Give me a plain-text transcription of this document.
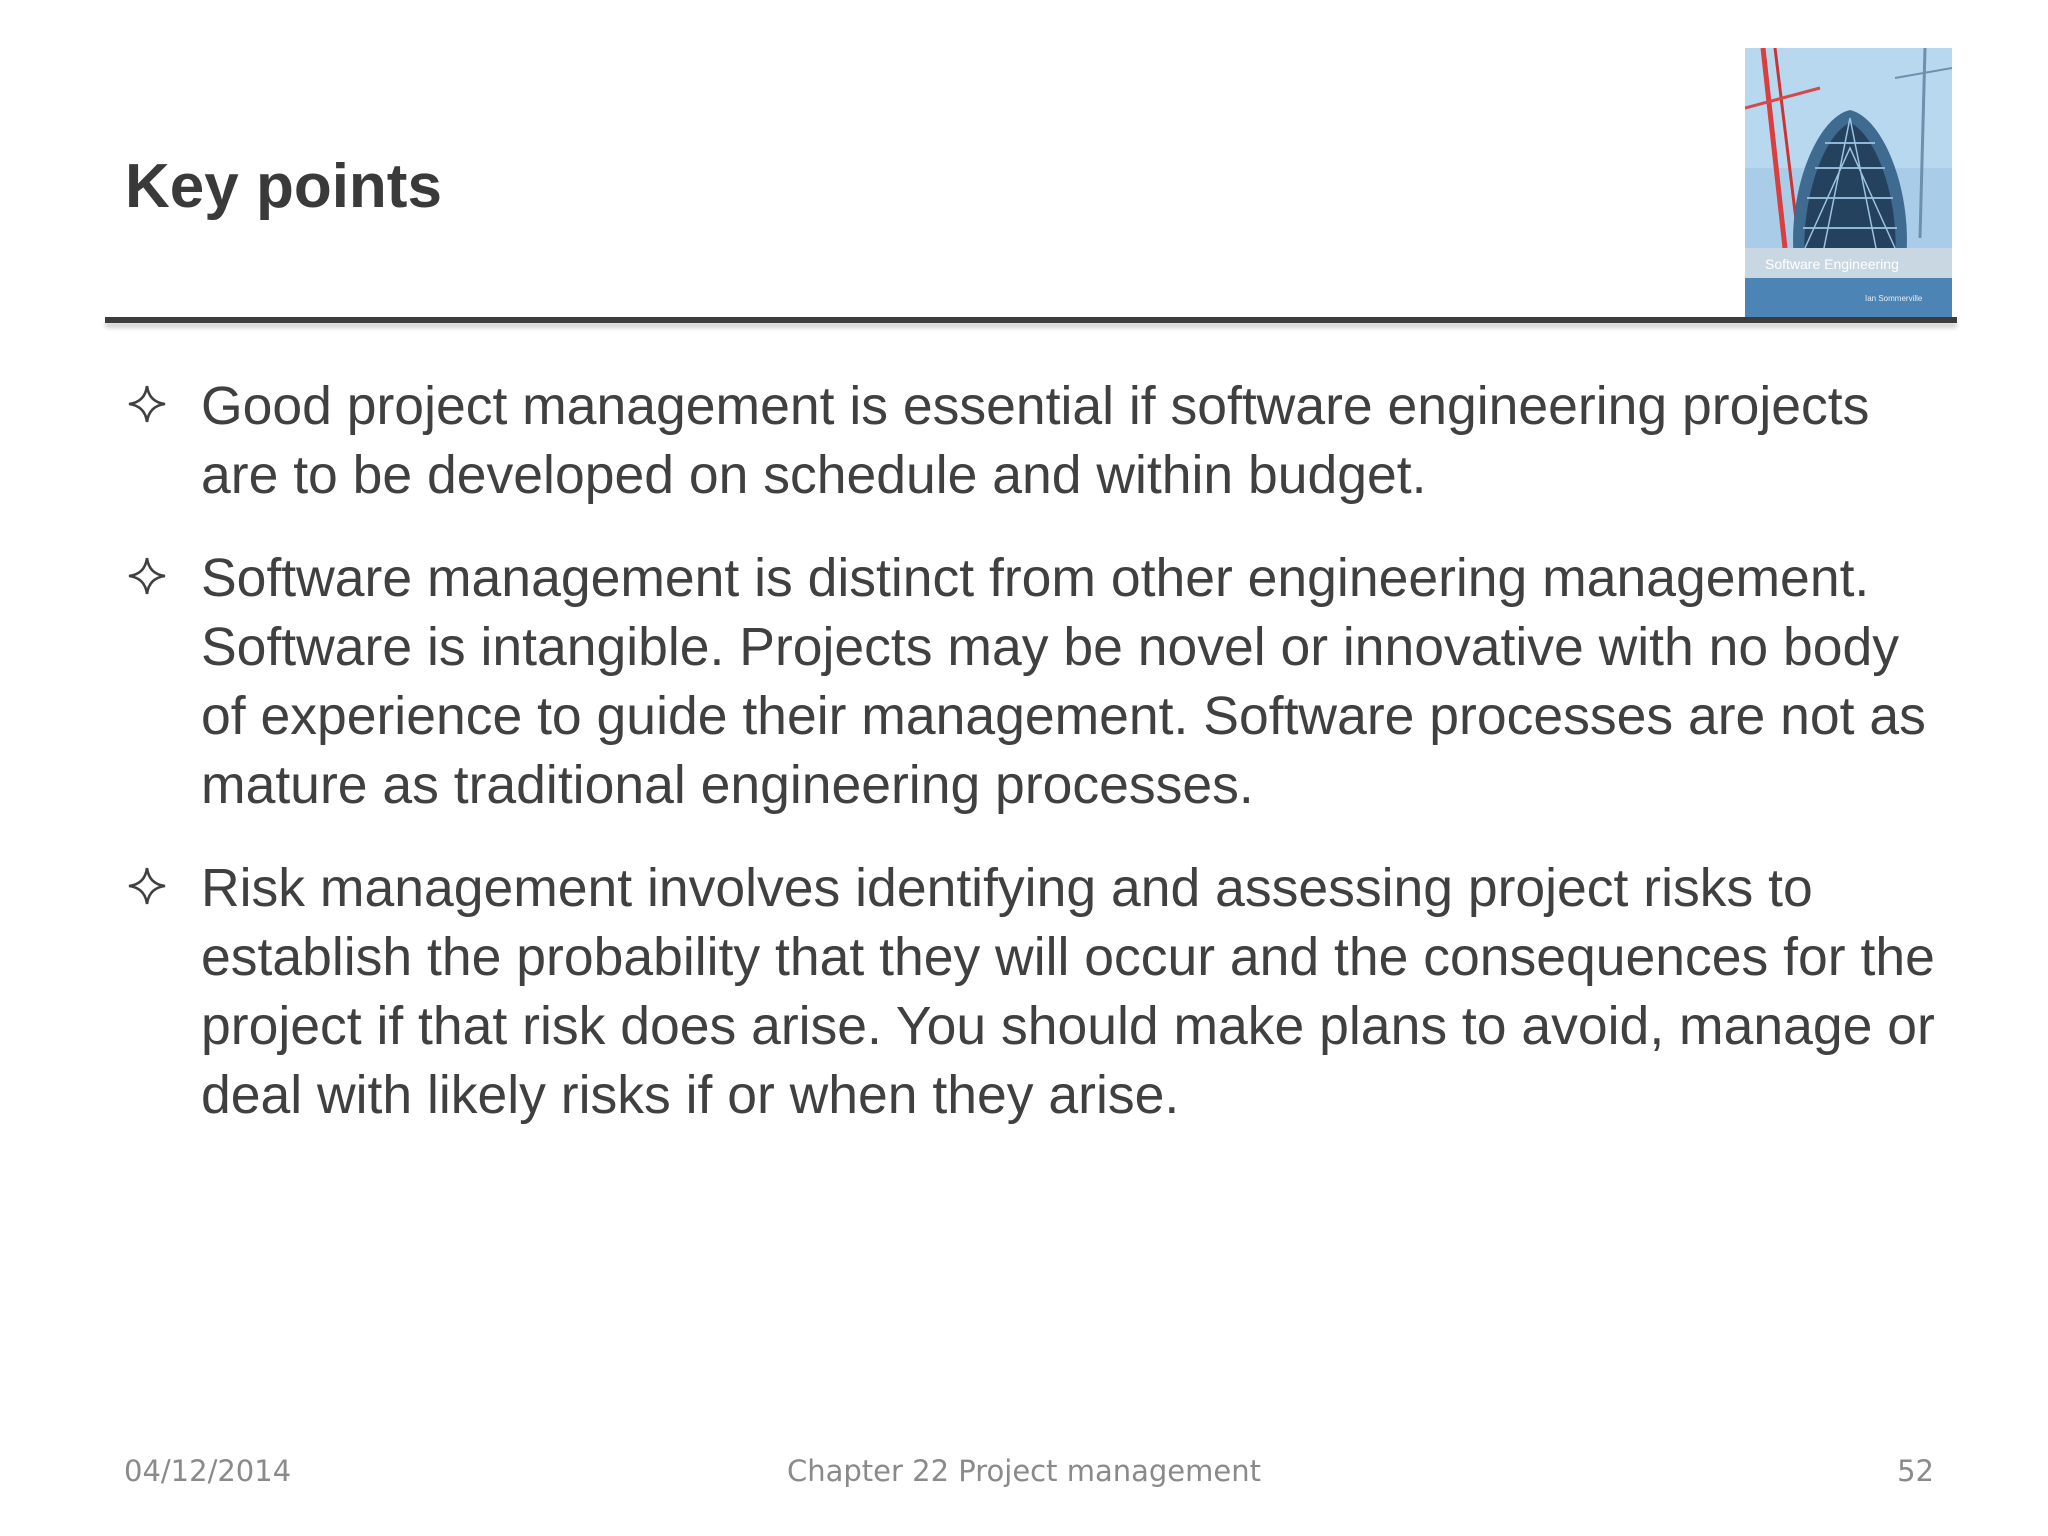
Key points
Software Engineering
Ian Sommerville
Good project management is essential if software engineering projects are to be developed on schedule and within budget.
Software management is distinct from other engineering management. Software is intangible. Projects may be novel or innovative with no body of experience to guide their management. Software processes are not as mature as traditional engineering processes.
Risk management involves identifying and assessing project risks to establish the probability that they will occur and the consequences for the project if that risk does arise. You should make plans to avoid, manage or deal with likely risks if or when they arise.
04/12/2014	Chapter 22 Project management	52
